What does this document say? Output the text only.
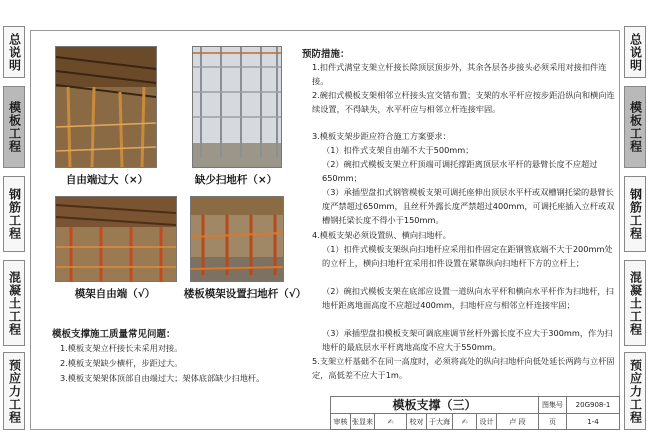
总说明
模板工程
钢筋工程
混凝土工程
预应力工程
总说明
模板工程
钢筋工程
混凝土工程
预应力工程
自由端过大（×）	缺少扫地杆（×）
模架自由端（√）	楼板模架设置扫地杆（√）
预防措施：
1.扣件式满堂支架立杆接长除顶层顶步外，其余各层各步接头必须采用对接扣件连接。
2.碗扣式模板支架相邻立杆接头宜交错布置；支架的水平杆应按步距沿纵向和横向连续设置，不得缺失，水平杆应与相邻立杆连接牢固。
3.模板支架步距应符合施工方案要求：
（1）扣件式支架自由端不大于500mm；
（2）碗扣式模板支架立杆顶端可调托撑距离顶层水平杆的悬臂长度不应超过650mm；
（3）承插型盘扣式钢管模板支架可调托座伸出顶层水平杆或双槽钢托梁的悬臂长度严禁超过650mm，且丝杆外露长度严禁超过400mm，可调托座插入立杆或双槽钢托梁长度不得小于150mm。
4.模板支架必须设置纵、横向扫地杆。
（1）扣件式模板支架纵向扫地杆应采用扣件固定在距钢管底端不大于200mm处的立杆上，横向扫地杆宜采用扣件设置在紧靠纵向扫地杆下方的立杆上；
（2）碗扣式模板支架在底部应设置一道纵向水平杆和横向水平杆作为扫地杆，扫地杆距离地面高度不应超过400mm，扫地杆应与相邻立杆连接牢固；
（3）承插型盘扣模板支架可调底座调节丝杆外露长度不应大于300mm，作为扫地杆的最底层水平杆离地高度不应大于550mm。
5.支架立杆基础不在同一高度时，必须将高处的纵向扫地杆向低处延长两跨与立杆固定，高低差不应大于1m。
模板支撑施工质量常见问题：
1.模板支架立杆接长未采用对接。
2.模板支架缺少横杆，步距过大。
3.模板支架架体顶部自由端过大；架体底部缺少扫地杆。
模板支撑（三）	图集号	20G908-1
审核 张显来	✍	校对 于大海	✍	设计	卢 段	页	1-4
